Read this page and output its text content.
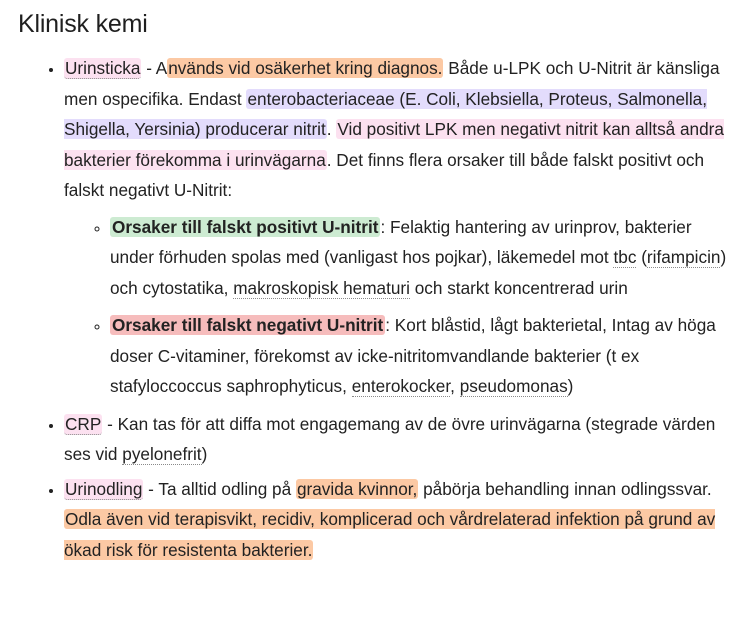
Klinisk kemi
• Urinsticka - Används vid osäkerhet kring diagnos. Både u-LPK och U-Nitrit är känsliga men ospecifika. Endast enterobacteriaceae (E. Coli, Klebsiella, Proteus, Salmonella, Shigella, Yersinia) producerar nitrit. Vid positivt LPK men negativt nitrit kan alltså andra bakterier förekomma i urinvägarna. Det finns flera orsaker till både falskt positivt och falskt negativt U-Nitrit:
◦ Orsaker till falskt positivt U-nitrit : Felaktig hantering av urinprov, bakterier under förhuden spolas med (vanligast hos pojkar), läkemedel mot tbc (rifampicin) och cytostatika, makroskopisk hematuri och starkt koncentrerad urin
◦ Orsaker till falskt negativt U-nitrit : Kort blåstid, lågt bakterietal, Intag av höga doser C-vitaminer, förekomst av icke-nitritomvandlande bakterier (t ex stafyloccoccus saphrophyticus, enterokocker, pseudomonas)
• CRP - Kan tas för att diffa mot engagemang av de övre urinvägarna (stegrade värden ses vid pyelonefrit)
• Urinodling - Ta alltid odling på gravida kvinnor, påbörja behandling innan odlingssvar. Odla även vid terapisvikt, recidiv, komplicerad och vårdrelaterad infektion på grund av ökad risk för resistenta bakterier.
